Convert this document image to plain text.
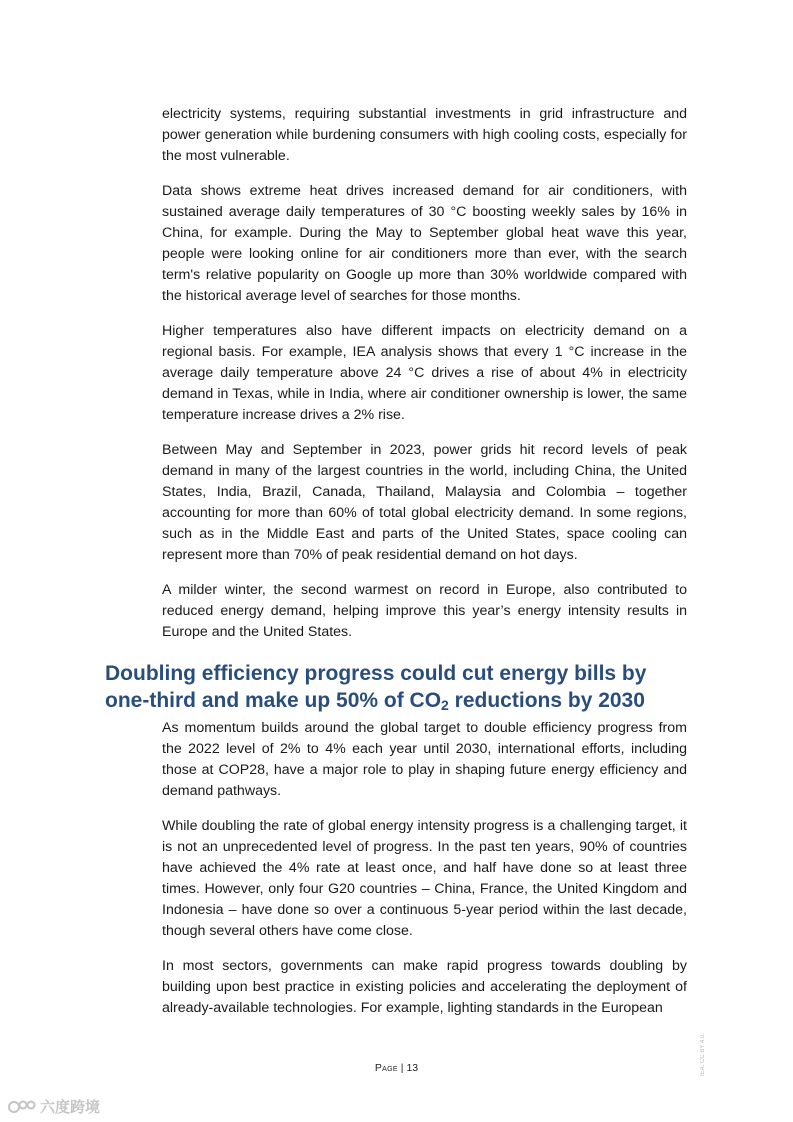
electricity systems, requiring substantial investments in grid infrastructure and power generation while burdening consumers with high cooling costs, especially for the most vulnerable.

Data shows extreme heat drives increased demand for air conditioners, with sustained average daily temperatures of 30 °C boosting weekly sales by 16% in China, for example. During the May to September global heat wave this year, people were looking online for air conditioners more than ever, with the search term's relative popularity on Google up more than 30% worldwide compared with the historical average level of searches for those months.

Higher temperatures also have different impacts on electricity demand on a regional basis. For example, IEA analysis shows that every 1 °C increase in the average daily temperature above 24 °C drives a rise of about 4% in electricity demand in Texas, while in India, where air conditioner ownership is lower, the same temperature increase drives a 2% rise.

Between May and September in 2023, power grids hit record levels of peak demand in many of the largest countries in the world, including China, the United States, India, Brazil, Canada, Thailand, Malaysia and Colombia – together accounting for more than 60% of total global electricity demand. In some regions, such as in the Middle East and parts of the United States, space cooling can represent more than 70% of peak residential demand on hot days.

A milder winter, the second warmest on record in Europe, also contributed to reduced energy demand, helping improve this year’s energy intensity results in Europe and the United States.

Doubling efficiency progress could cut energy bills by
one-third and make up 50% of $CO_2$ reductions by 2030

As momentum builds around the global target to double efficiency progress from the 2022 level of 2% to 4% each year until 2030, international efforts, including those at COP28, have a major role to play in shaping future energy efficiency and demand pathways.

While doubling the rate of global energy intensity progress is a challenging target, it is not an unprecedented level of progress. In the past ten years, 90% of countries have achieved the 4% rate at least once, and half have done so at least three times. However, only four G20 countries – China, France, the United Kingdom and Indonesia – have done so over a continuous 5-year period within the last decade, though several others have come close.

In most sectors, governments can make rapid progress towards doubling by building upon best practice in existing policies and accelerating the deployment of already-available technologies. For example, lighting standards in the European

Page | 13	IEA. CC BY 4.0.
六度跨境
